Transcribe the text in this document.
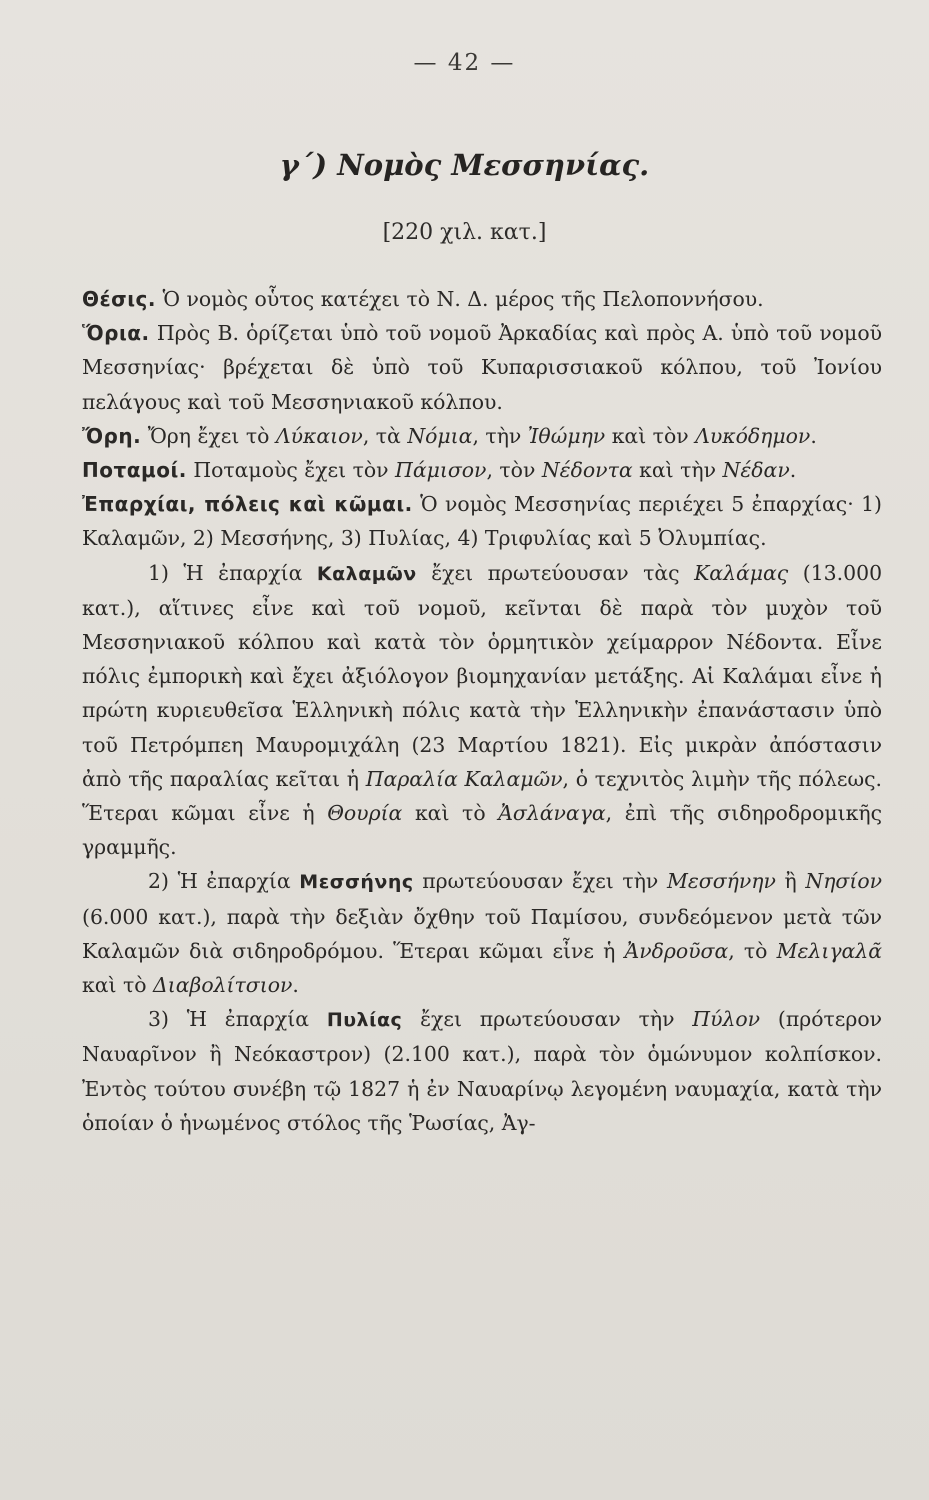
— 42 —
γ΄) Νομὸς Μεσσηνίας.
[220 χιλ. κατ.]

Θέσις. Ὁ νομὸς οὗτος κατέχει τὸ Ν. Δ. μέρος τῆς Πελοποννήσου.

Ὅρια. Πρὸς Β. ὁρίζεται ὑπὸ τοῦ νομοῦ Ἀρκαδίας καὶ πρὸς Α. ὑπὸ τοῦ νομοῦ Μεσσηνίας· βρέχεται δὲ ὑπὸ τοῦ Κυπαρισσιακοῦ κόλπου, τοῦ Ἰονίου πελάγους καὶ τοῦ Μεσσηνιακοῦ κόλπου.

Ὄρη. Ὄρη ἔχει τὸ Λύκαιον, τὰ Νόμια, τὴν Ἰθώμην καὶ τὸν Λυκόδημον.

Ποταμοί. Ποταμοὺς ἔχει τὸν Πάμισον, τὸν Νέδοντα καὶ τὴν Νέδαν.

Ἐπαρχίαι, πόλεις καὶ κῶμαι. Ὁ νομὸς Μεσσηνίας περιέχει 5 ἐπαρχίας· 1) Καλαμῶν, 2) Μεσσήνης, 3) Πυλίας, 4) Τριφυλίας καὶ 5 Ὀλυμπίας.

1) Ἡ ἐπαρχία Καλαμῶν ἔχει πρωτεύουσαν τὰς Καλάμας (13.000 κατ.), αἵτινες εἶνε καὶ τοῦ νομοῦ, κεῖνται δὲ παρὰ τὸν μυχὸν τοῦ Μεσσηνιακοῦ κόλπου καὶ κατὰ τὸν ὁρμητικὸν χείμαρρον Νέδοντα. Εἶνε πόλις ἐμπορικὴ καὶ ἔχει ἀξιόλογον βιομηχανίαν μετάξης. Αἱ Καλάμαι εἶνε ἡ πρώτη κυριευθεῖσα Ἑλληνικὴ πόλις κατὰ τὴν Ἑλληνικὴν ἐπανάστασιν ὑπὸ τοῦ Πετρόμπεη Μαυρομιχάλη (23 Μαρτίου 1821). Εἰς μικρὰν ἀπόστασιν ἀπὸ τῆς παραλίας κεῖται ἡ Παραλία Καλαμῶν, ὁ τεχνιτὸς λιμὴν τῆς πόλεως. Ἕτεραι κῶμαι εἶνε ἡ Θουρία καὶ τὸ Ἀσλάναγα, ἐπὶ τῆς σιδηροδρομικῆς γραμμῆς.

2) Ἡ ἐπαρχία Μεσσήνης πρωτεύουσαν ἔχει τὴν Μεσσήνην ἢ Νησίον (6.000 κατ.), παρὰ τὴν δεξιὰν ὄχθην τοῦ Παμίσου, συνδεόμενον μετὰ τῶν Καλαμῶν διὰ σιδηροδρόμου. Ἕτεραι κῶμαι εἶνε ἡ Ἀνδροῦσα, τὸ Μελιγαλᾶ καὶ τὸ Διαβολίτσιον.

3) Ἡ ἐπαρχία Πυλίας ἔχει πρωτεύουσαν τὴν Πύλον (πρότερον Ναυαρῖνον ἢ Νεόκαστρον) (2.100 κατ.), παρὰ τὸν ὁμώνυμον κολπίσκον. Ἐντὸς τούτου συνέβη τῷ 1827 ἡ ἐν Ναυαρίνῳ λεγομένη ναυμαχία, κατὰ τὴν ὁποίαν ὁ ἡνωμένος στόλος τῆς Ῥωσίας, Ἀγ-
